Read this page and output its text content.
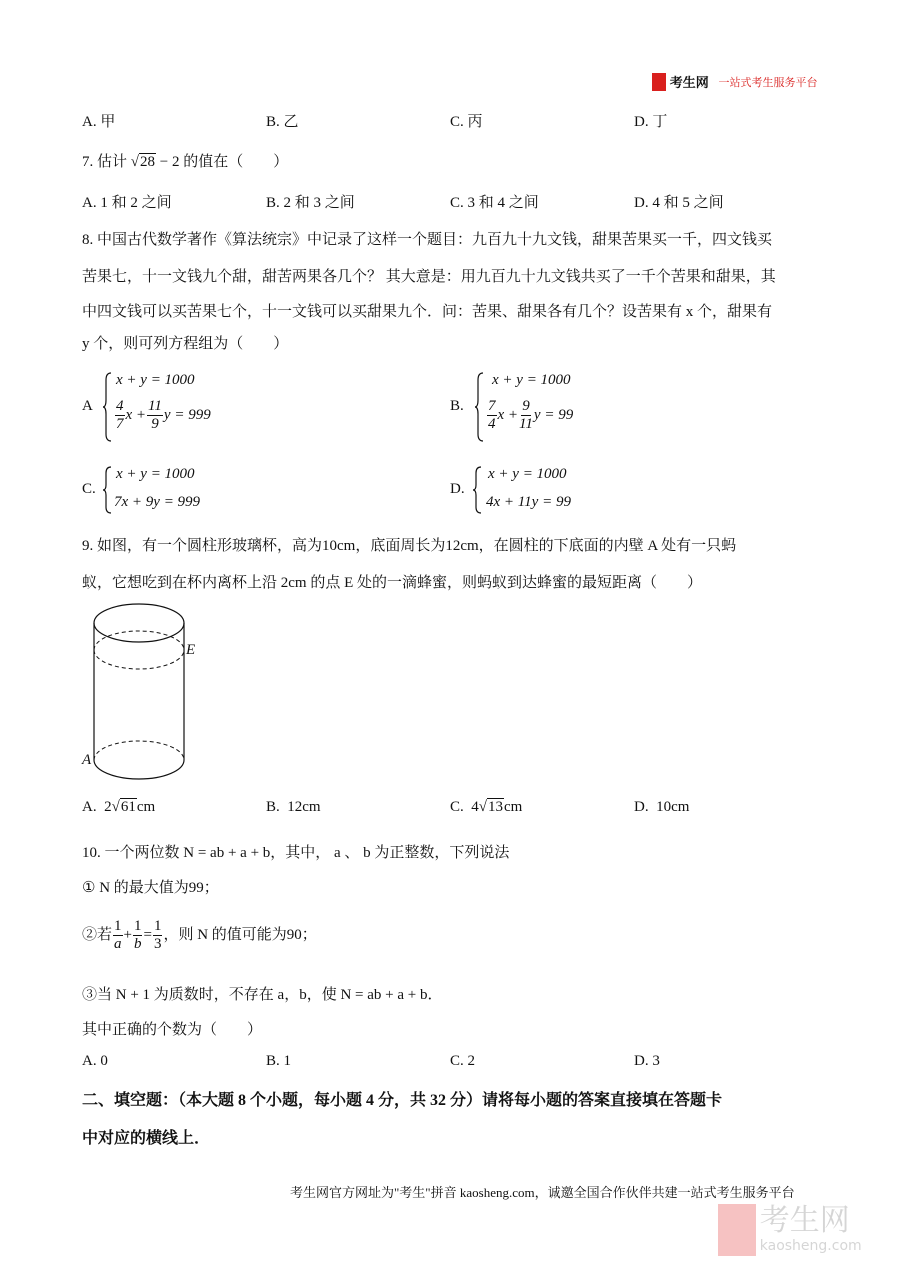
考生网 一站式考生服务平台
A. 甲	B. 乙	C. 丙	D. 丁
7. 估计 √28 − 2 的值在（　　）
A. 1 和 2 之间	B. 2 和 3 之间	C. 3 和 4 之间	D. 4 和 5 之间
8. 中国古代数学著作《算法统宗》中记录了这样一个题目：九百九十九文钱，甜果苦果买一千，四文钱买
苦果七，十一文钱九个甜，甜苦两果各几个？ 其大意是：用九百九十九文钱共买了一千个苦果和甜果，其
中四文钱可以买苦果七个，十一文钱可以买甜果九个．问：苦果、甜果各有几个？设苦果有 x 个，甜果有
y 个，则可列方程组为（　　）
A
x + y = 1000
$\frac{4}{7}$ $x + \frac{11}{9}$ y = 999
B.
x + y = 1000
$\frac{7}{4}$ $x + \frac{9}{11}$ y = 99
C.
x + y = 1000
7x + 9y = 999
D.
x + y = 1000
4x + 11y = 99
9. 如图，有一个圆柱形玻璃杯，高为10cm，底面周长为12cm，在圆柱的下底面的内壁 A 处有一只蚂
蚁，它想吃到在杯内离杯上沿 2cm 的点 E 处的一滴蜂蜜，则蚂蚁到达蜂蜜的最短距离（　　）
E
A
A. 2√61cm	B. 12cm	C. 4√13cm	D. 10cm
10. 一个两位数 N = ab + a + b，其中， a 、 b 为正整数，下列说法
① N 的最大值为99；
②若 $\frac{1}{a} + \frac{1}{b} = \frac{1}{3}$ ，则 N 的值可能为90；
③当 N + 1 为质数时，不存在 a，b，使 N = ab + a + b．
其中正确的个数为（　　）
A. 0	B. 1	C. 2	D. 3
二、填空题：（本大题 8 个小题，每小题 4 分，共 32 分）请将每小题的答案直接填在答题卡
中对应的横线上．
考生网官方网址为"考生"拼音 kaosheng.com，诚邀全国合作伙伴共建一站式考生服务平台

考生网
kaosheng.com
